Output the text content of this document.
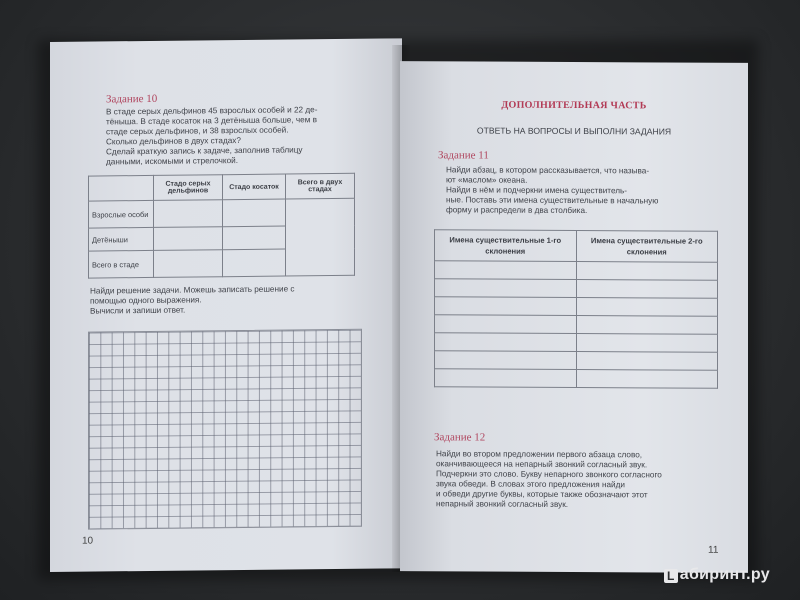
Задание 10
В стаде серых дельфинов 45 взрослых особей и 22 де-
тёныша. В стаде косаток на 3 детёныша больше, чем в
стаде серых дельфинов, и 38 взрослых особей.
Сколько дельфинов в двух стадах?
Сделай краткую запись к задаче, заполнив таблицу
данными, искомыми и стрелочкой.
	Стадо серых дельфинов	Стадо косаток	Всего в двух стадах
Взрослые особи			
Детёныши			
Всего в стаде			
Найди решение задачи. Можешь записать решение с
помощью одного выражения.
Вычисли и запиши ответ.
10
ДОПОЛНИТЕЛЬНАЯ ЧАСТЬ
ОТВЕТЬ НА ВОПРОСЫ И ВЫПОЛНИ ЗАДАНИЯ
Задание 11
Найди абзац, в котором рассказывается, что называ-
ют «маслом» океана.
Найди в нём и подчеркни имена существитель-
ные. Поставь эти имена существительные в начальную
форму и распредели в два столбика.
Имена существительные 1-го склонения	Имена существительные 2-го склонения

Задание 12
Найди во втором предложении первого абзаца слово,
оканчивающееся на непарный звонкий согласный звук.
Подчеркни это слово. Букву непарного звонкого согласного
звука обведи. В словах этого предложения найди
и обведи другие буквы, которые также обозначают этот
непарный звонкий согласный звук.
11
L абиринт.ру
